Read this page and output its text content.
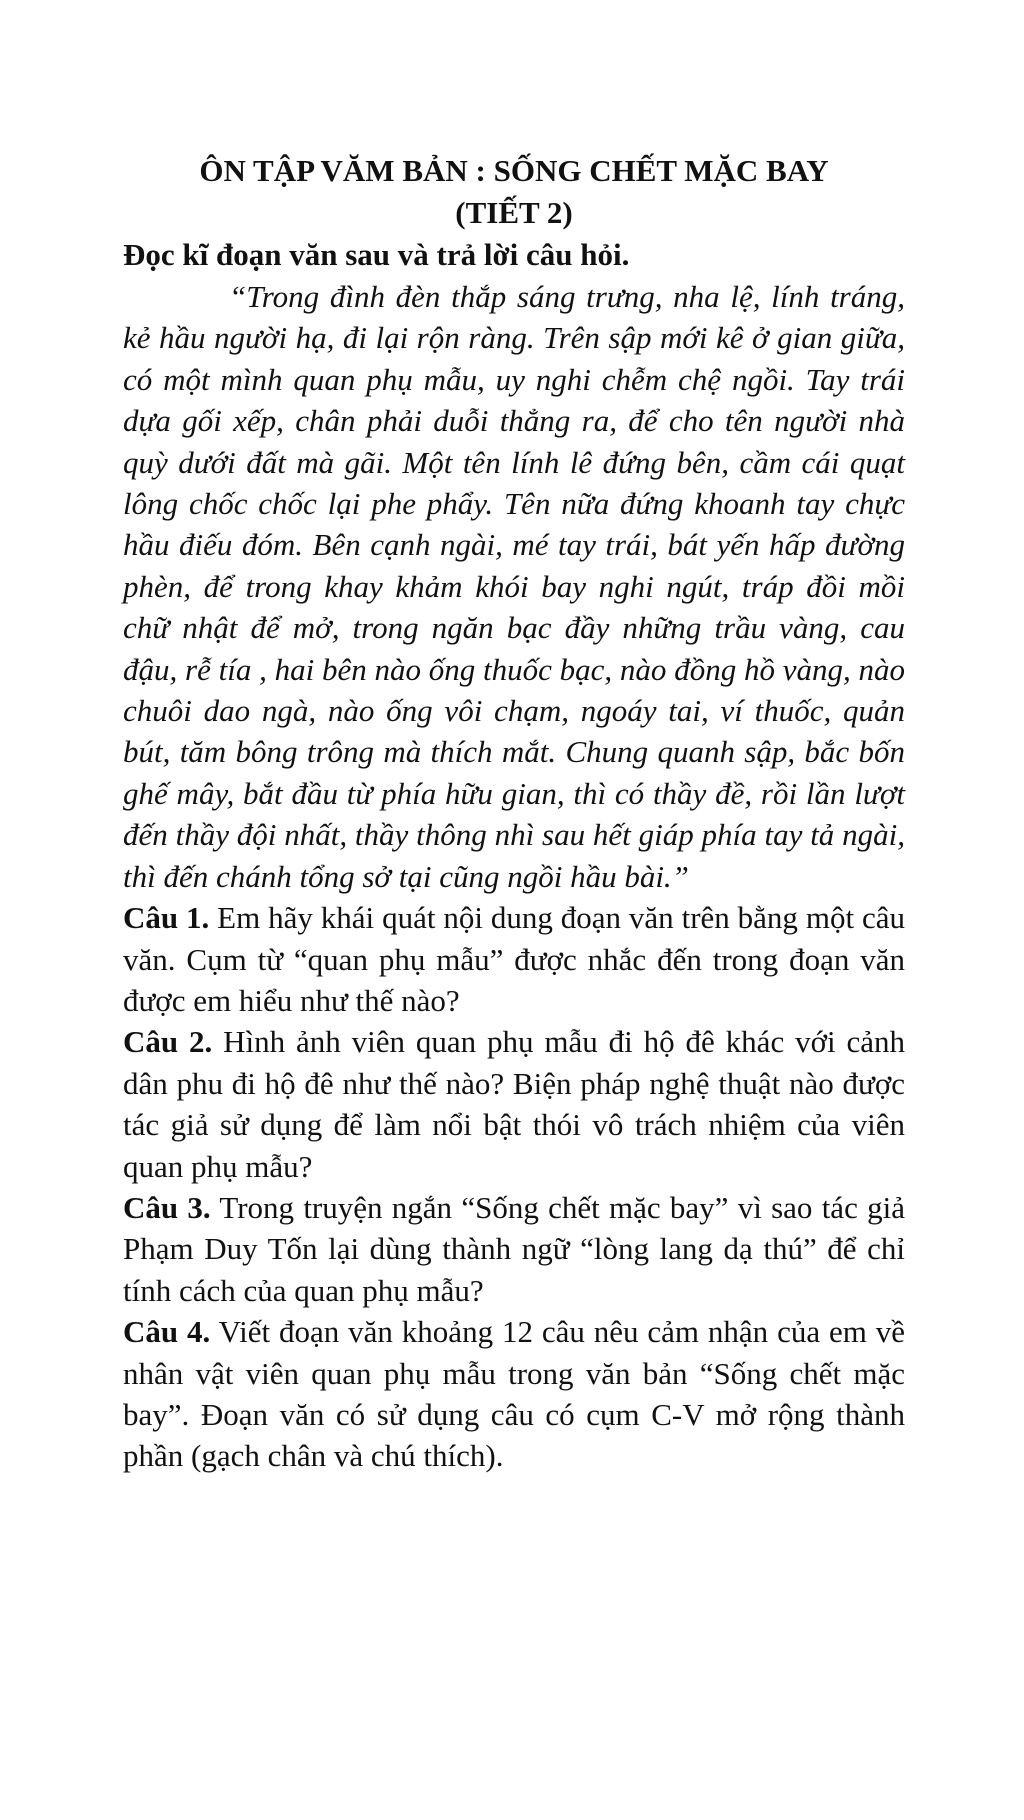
ÔN TẬP VĂM BẢN : SỐNG CHẾT MẶC BAY
(TIẾT 2)

Đọc kĩ đoạn văn sau và trả lời câu hỏi.

“Trong đình đèn thắp sáng trưng, nha lệ, lính tráng, kẻ hầu người hạ, đi lại rộn ràng. Trên sập mới kê ở gian giữa, có một mình quan phụ mẫu, uy nghi chễm chệ ngồi. Tay trái dựa gối xếp, chân phải duỗi thẳng ra, để cho tên người nhà quỳ dưới đất mà gãi. Một tên lính lê đứng bên, cầm cái quạt lông chốc chốc lại phe phẩy. Tên nữa đứng khoanh tay chực hầu điếu đóm. Bên cạnh ngài, mé tay trái, bát yến hấp đường phèn, để trong khay khảm khói bay nghi ngút, tráp đồi mồi chữ nhật để mở, trong ngăn bạc đầy những trầu vàng, cau đậu, rễ tía , hai bên nào ống thuốc bạc, nào đồng hồ vàng, nào chuôi dao ngà, nào ống vôi chạm, ngoáy tai, ví thuốc, quản bút, tăm bông trông mà thích mắt. Chung quanh sập, bắc bốn ghế mây, bắt đầu từ phía hữu gian, thì có thầy đề, rồi lần lượt đến thầy đội nhất, thầy thông nhì sau hết giáp phía tay tả ngài, thì đến chánh tổng sở tại cũng ngồi hầu bài.”

Câu 1. Em hãy khái quát nội dung đoạn văn trên bằng một câu văn. Cụm từ “quan phụ mẫu” được nhắc đến trong đoạn văn được em hiểu như thế nào?

Câu 2. Hình ảnh viên quan phụ mẫu đi hộ đê khác với cảnh dân phu đi hộ đê như thế nào? Biện pháp nghệ thuật nào được tác giả sử dụng để làm nổi bật thói vô trách nhiệm của viên quan phụ mẫu?

Câu 3. Trong truyện ngắn “Sống chết mặc bay” vì sao tác giả Phạm Duy Tốn lại dùng thành ngữ “lòng lang dạ thú” để chỉ tính cách của quan phụ mẫu?

Câu 4. Viết đoạn văn khoảng 12 câu nêu cảm nhận của em về nhân vật viên quan phụ mẫu trong văn bản “Sống chết mặc bay”. Đoạn văn có sử dụng câu có cụm C-V mở rộng thành phần (gạch chân và chú thích).
